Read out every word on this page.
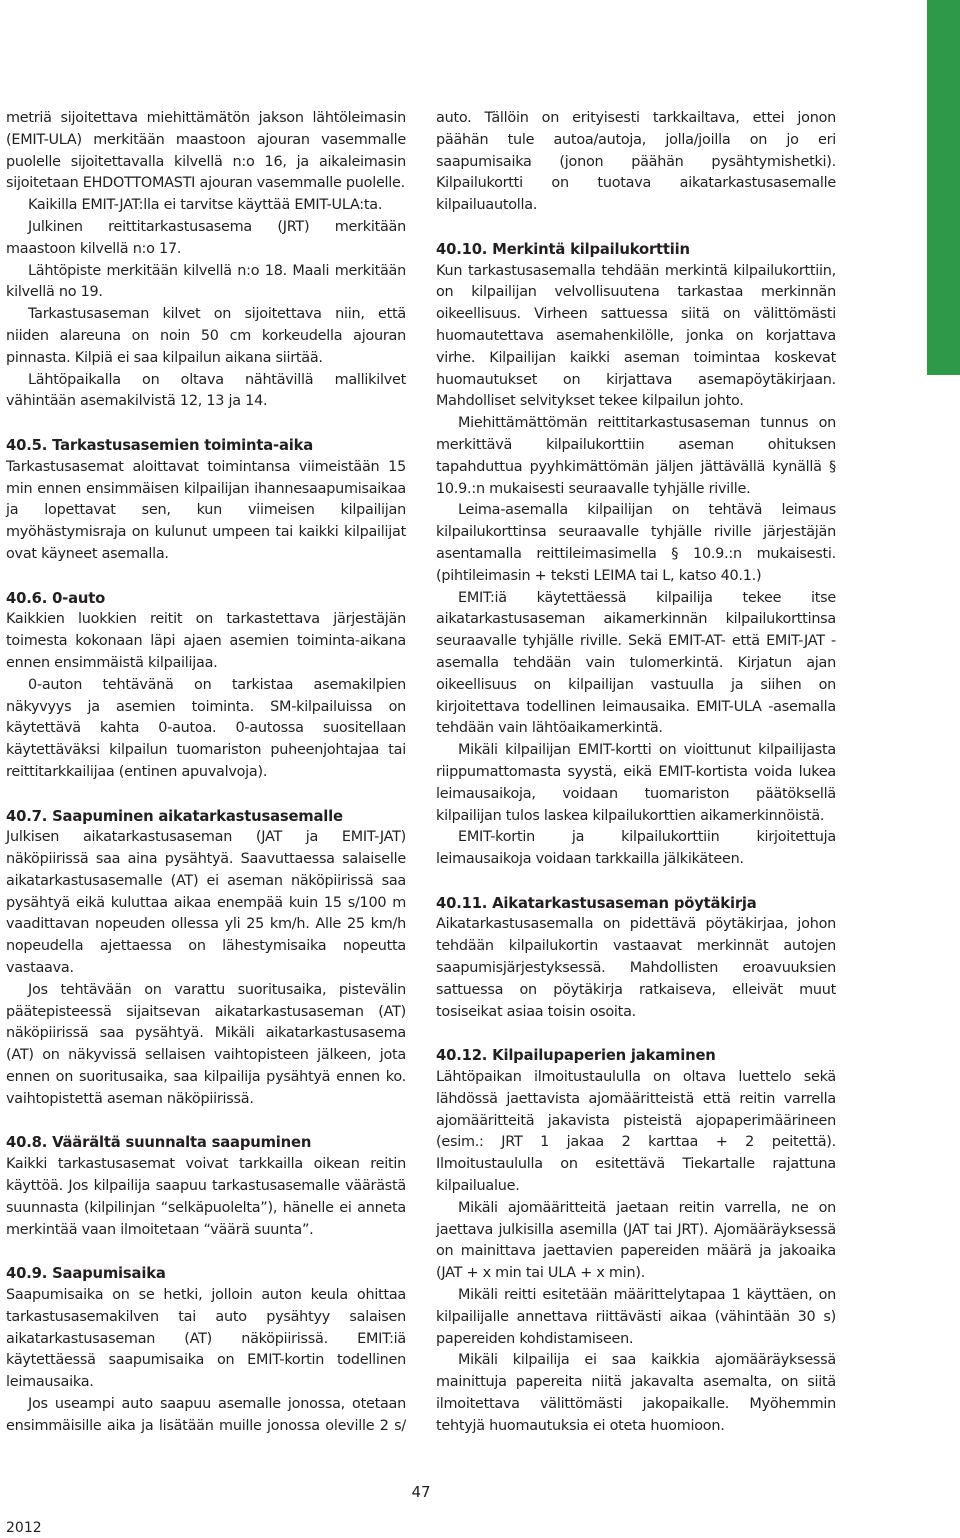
metriä sijoitettava miehittämätön jakson lähtöleimasin (EMIT-ULA) merkitään maastoon ajouran vasemmalle puolelle sijoitettavalla kilvellä n:o 16, ja aikaleimasin sijoitetaan EHDOTTOMASTI ajouran vasemmalle puolelle.

Kaikilla EMIT-JAT:lla ei tarvitse käyttää EMIT-ULA:ta.

Julkinen reittitarkastusasema (JRT) merkitään maastoon kilvellä n:o 17.

Lähtöpiste merkitään kilvellä n:o 18. Maali merkitään kilvellä no 19.

Tarkastusaseman kilvet on sijoitettava niin, että niiden alareuna on noin 50 cm korkeudella ajouran pinnasta. Kilpiä ei saa kilpailun aikana siirtää.

Lähtöpaikalla on oltava nähtävillä mallikilvet vähintään asemakilvistä 12, 13 ja 14.

40.5. Tarkastusasemien toiminta-aika

Tarkastusasemat aloittavat toimintansa viimeistään 15 min ennen ensimmäisen kilpailijan ihannesaapumisaikaa ja lopettavat sen, kun viimeisen kilpailijan myöhästymisraja on kulunut umpeen tai kaikki kilpailijat ovat käyneet asemalla.

40.6. 0-auto

Kaikkien luokkien reitit on tarkastettava järjestäjän toimesta kokonaan läpi ajaen asemien toiminta-aikana ennen ensimmäistä kilpailijaa.

0-auton tehtävänä on tarkistaa asemakilpien näkyvyys ja asemien toiminta. SM-kilpailuissa on käytettävä kahta 0-autoa. 0-autossa suositellaan käytettäväksi kilpailun tuomariston puheenjohtajaa tai reittitarkkailijaa (entinen apuvalvoja).

40.7. Saapuminen aikatarkastusasemalle

Julkisen aikatarkastusaseman (JAT ja EMIT-JAT) näköpiirissä saa aina pysähtyä. Saavuttaessa salaiselle aikatarkastusasemalle (AT) ei aseman näköpiirissä saa pysähtyä eikä kuluttaa aikaa enempää kuin 15 s/100 m vaadittavan nopeuden ollessa yli 25 km/h. Alle 25 km/h nopeudella ajettaessa on lähestymisaika nopeutta vastaava.

Jos tehtävään on varattu suoritusaika, pistevälin päätepisteessä sijaitsevan aikatarkastusaseman (AT) näköpiirissä saa pysähtyä. Mikäli aikatarkastusasema (AT) on näkyvissä sellaisen vaihtopisteen jälkeen, jota ennen on suoritusaika, saa kilpailija pysähtyä ennen ko. vaihtopistettä aseman näköpiirissä.

40.8. Väärältä suunnalta saapuminen

Kaikki tarkastusasemat voivat tarkkailla oikean reitin käyttöä. Jos kilpailija saapuu tarkastusasemalle väärästä suunnasta (kilpilinjan “selkäpuolelta”), hänelle ei anneta merkintää vaan ilmoitetaan “väärä suunta”.

40.9. Saapumisaika

Saapumisaika on se hetki, jolloin auton keula ohittaa tarkastusasemakilven tai auto pysähtyy salaisen aikatarkastusaseman (AT) näköpiirissä. EMIT:iä käytettäessä saapumisaika on EMIT-kortin todellinen leimausaika.

Jos useampi auto saapuu asemalle jonossa, otetaan ensimmäisille aika ja lisätään muille jonossa oleville 2 s/

auto. Tällöin on erityisesti tarkkailtava, ettei jonon päähän tule autoa/autoja, jolla/joilla on jo eri saapumisaika (jonon päähän pysähtymishetki). Kilpailukortti on tuotava aikatarkastusasemalle kilpailuautolla.

40.10. Merkintä kilpailukorttiin

Kun tarkastusasemalla tehdään merkintä kilpailukorttiin, on kilpailijan velvollisuutena tarkastaa merkinnän oikeellisuus. Virheen sattuessa siitä on välittömästi huomautettava asemahenkilölle, jonka on korjattava virhe. Kilpailijan kaikki aseman toimintaa koskevat huomautukset on kirjattava asemapöytäkirjaan. Mahdolliset selvitykset tekee kilpailun johto.

Miehittämättömän reittitarkastusaseman tunnus on merkittävä kilpailukorttiin aseman ohituksen tapahduttua pyyhkimättömän jäljen jättävällä kynällä § 10.9.:n mukaisesti seuraavalle tyhjälle riville.

Leima-asemalla kilpailijan on tehtävä leimaus kilpailukorttinsa seuraavalle tyhjälle riville järjestäjän asentamalla reittileimasimella § 10.9.:n mukaisesti. (pihtileimasin + teksti LEIMA tai L, katso 40.1.)

EMIT:iä käytettäessä kilpailija tekee itse aikatarkastusaseman aikamerkinnän kilpailukorttinsa seuraavalle tyhjälle riville. Sekä EMIT-AT- että EMIT-JAT -asemalla tehdään vain tulomerkintä. Kirjatun ajan oikeellisuus on kilpailijan vastuulla ja siihen on kirjoitettava todellinen leimausaika. EMIT-ULA -asemalla tehdään vain lähtöaikamerkintä.

Mikäli kilpailijan EMIT-kortti on vioittunut kilpailijasta riippumattomasta syystä, eikä EMIT-kortista voida lukea leimausaikoja, voidaan tuomariston päätöksellä kilpailijan tulos laskea kilpailukorttien aikamerkinnöistä.

EMIT-kortin ja kilpailukorttiin kirjoitettuja leimausaikoja voidaan tarkkailla jälkikäteen.

40.11. Aikatarkastusaseman pöytäkirja

Aikatarkastusasemalla on pidettävä pöytäkirjaa, johon tehdään kilpailukortin vastaavat merkinnät autojen saapumisjärjestyksessä. Mahdollisten eroavuuksien sattuessa on pöytäkirja ratkaiseva, elleivät muut tosiseikat asiaa toisin osoita.

40.12. Kilpailupaperien jakaminen

Lähtöpaikan ilmoitustaululla on oltava luettelo sekä lähdössä jaettavista ajomääritteistä että reitin varrella ajomääritteitä jakavista pisteistä ajopaperimäärineen (esim.: JRT 1 jakaa 2 karttaa + 2 peitettä). Ilmoitustaululla on esitettävä Tiekartalle rajattuna kilpailualue.

Mikäli ajomääritteitä jaetaan reitin varrella, ne on jaettava julkisilla asemilla (JAT tai JRT). Ajomääräyksessä on mainittava jaettavien papereiden määrä ja jakoaika (JAT + x min tai ULA + x min).

Mikäli reitti esitetään määrittelytapaa 1 käyttäen, on kilpailijalle annettava riittävästi aikaa (vähintään 30 s) papereiden kohdistamiseen.

Mikäli kilpailija ei saa kaikkia ajomääräyksessä mainittuja papereita niitä jakavalta asemalta, on siitä ilmoitettava välittömästi jakopaikalle. Myöhemmin tehtyjä huomautuksia ei oteta huomioon.

47
2012
